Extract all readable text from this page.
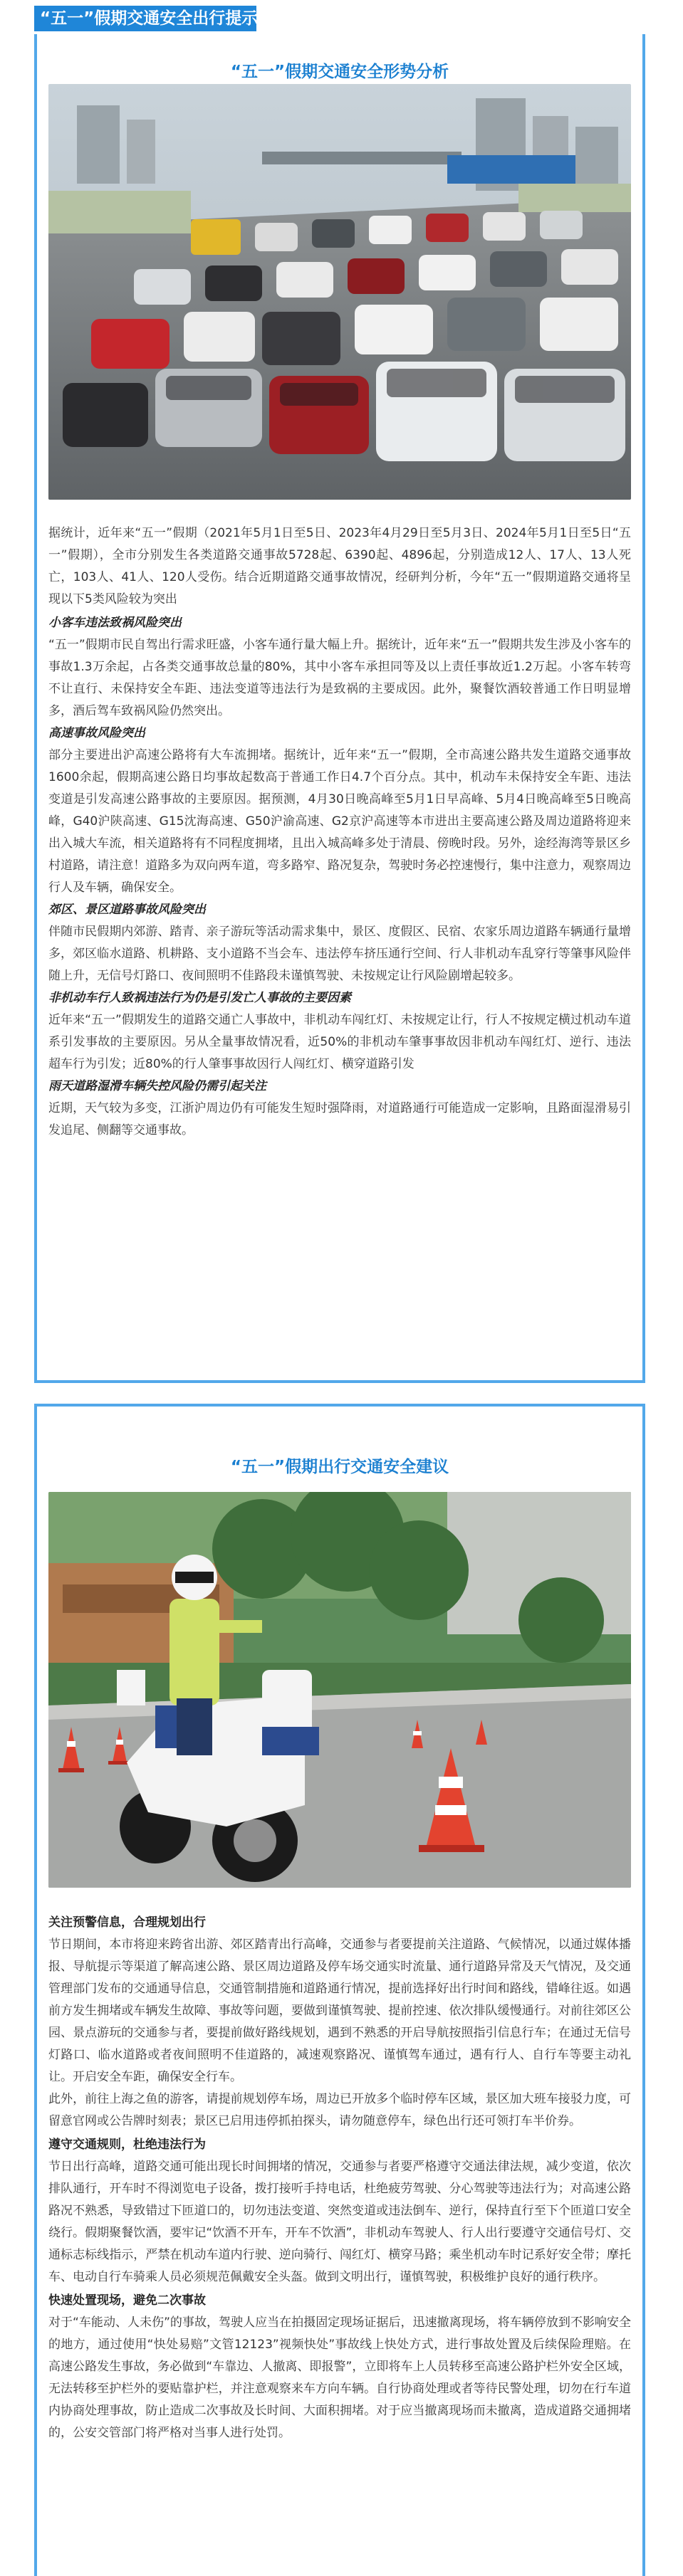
“五一”假期交通安全出行提示
“五一”假期交通安全形势分析

据统计，近年来“五一”假期（2021年5月1日至5日、2023年4月29日至5月3日、2024年5月1日至5日“五一”假期），全市分别发生各类道路交通事故5728起、6390起、4896起，分别造成12人、17人、13人死亡，103人、41人、120人受伤。结合近期道路交通事故情况，经研判分析，今年“五一”假期道路交通将呈现以下5类风险较为突出

小客车违法致祸风险突出

“五一”假期市民自驾出行需求旺盛，小客车通行量大幅上升。据统计，近年来“五一”假期共发生涉及小客车的事故1.3万余起，占各类交通事故总量的80%，其中小客车承担同等及以上责任事故近1.2万起。小客车转弯不让直行、未保持安全车距、违法变道等违法行为是致祸的主要成因。此外，聚餐饮酒较普通工作日明显增多，酒后驾车致祸风险仍然突出。

高速事故风险突出

部分主要进出沪高速公路将有大车流拥堵。据统计，近年来“五一”假期，全市高速公路共发生道路交通事故1600余起，假期高速公路日均事故起数高于普通工作日4.7个百分点。其中，机动车未保持安全车距、违法变道是引发高速公路事故的主要原因。据预测，4月30日晚高峰至5月1日早高峰、5月4日晚高峰至5日晚高峰，G40沪陕高速、G15沈海高速、G50沪渝高速、G2京沪高速等本市进出主要高速公路及周边道路将迎来出入城大车流，相关道路将有不同程度拥堵，且出入城高峰多处于清晨、傍晚时段。另外，途经海湾等景区乡村道路，请注意！道路多为双向两车道，弯多路窄、路况复杂，驾驶时务必控速慢行，集中注意力，观察周边行人及车辆，确保安全。

郊区、景区道路事故风险突出

伴随市民假期内郊游、踏青、亲子游玩等活动需求集中，景区、度假区、民宿、农家乐周边道路车辆通行量增多，郊区临水道路、机耕路、支小道路不当会车、违法停车挤压通行空间、行人非机动车乱穿行等肇事风险伴随上升，无信号灯路口、夜间照明不佳路段未谨慎驾驶、未按规定让行风险剧增起较多。

非机动车行人致祸违法行为仍是引发亡人事故的主要因素

近年来“五一”假期发生的道路交通亡人事故中，非机动车闯红灯、未按规定让行，行人不按规定横过机动车道系引发事故的主要原因。另从全量事故情况看，近50%的非机动车肇事事故因非机动车闯红灯、逆行、违法超车行为引发；近80%的行人肇事事故因行人闯红灯、横穿道路引发

雨天道路湿滑车辆失控风险仍需引起关注

近期，天气较为多变，江浙沪周边仍有可能发生短时强降雨，对道路通行可能造成一定影响，且路面湿滑易引发追尾、侧翻等交通事故。

“五一”假期出行交通安全建议
关注预警信息，合理规划出行

节日期间，本市将迎来跨省出游、郊区踏青出行高峰，交通参与者要提前关注道路、气候情况，以通过媒体播报、导航提示等渠道了解高速公路、景区周边道路及停车场交通实时流量、通行道路异常及天气情况，及交通管理部门发布的交通通导信息，交通管制措施和道路通行情况，提前选择好出行时间和路线，错峰往返。如遇前方发生拥堵或车辆发生故障、事故等问题，要做到谨慎驾驶、提前控速、依次排队缓慢通行。对前往郊区公园、景点游玩的交通参与者，要提前做好路线规划，遇到不熟悉的开启导航按照指引信息行车；在通过无信号灯路口、临水道路或者夜间照明不佳道路的，减速观察路况、谨慎驾车通过，遇有行人、自行车等要主动礼让。开启安全车距，确保安全行车。

此外，前往上海之鱼的游客，请提前规划停车场，周边已开放多个临时停车区域，景区加大班车接驳力度，可留意官网或公告牌时刻表；景区已启用违停抓拍探头，请勿随意停车，绿色出行还可领打车半价券。

遵守交通规则，杜绝违法行为

节日出行高峰，道路交通可能出现长时间拥堵的情况，交通参与者要严格遵守交通法律法规，减少变道，依次排队通行，开车时不得浏览电子设备，拨打接听手持电话，杜绝疲劳驾驶、分心驾驶等违法行为；对高速公路路况不熟悉，导致错过下匝道口的，切勿违法变道、突然变道或违法倒车、逆行，保持直行至下个匝道口安全绕行。假期聚餐饮酒，要牢记“饮酒不开车，开车不饮酒”，非机动车驾驶人、行人出行要遵守交通信号灯、交通标志标线指示，严禁在机动车道内行驶、逆向骑行、闯红灯、横穿马路；乘坐机动车时记系好安全带；摩托车、电动自行车骑乘人员必须规范佩戴安全头盔。做到文明出行，谨慎驾驶，积极维护良好的通行秩序。

快速处置现场，避免二次事故

对于“车能动、人未伤”的事故，驾驶人应当在拍摄固定现场证据后，迅速撤离现场，将车辆停放到不影响安全的地方，通过使用“快处易赔”文管12123”视频快处”事故线上快处方式，进行事故处置及后续保险理赔。在高速公路发生事故，务必做到“车靠边、人撤离、即报警”，立即将车上人员转移至高速公路护栏外安全区域，无法转移至护栏外的要贴靠护栏，并注意观察来车方向车辆。自行协商处理或者等待民警处理，切勿在行车道内协商处理事故，防止造成二次事故及长时间、大面积拥堵。对于应当撤离现场而未撤离，造成道路交通拥堵的，公安交管部门将严格对当事人进行处罚。
